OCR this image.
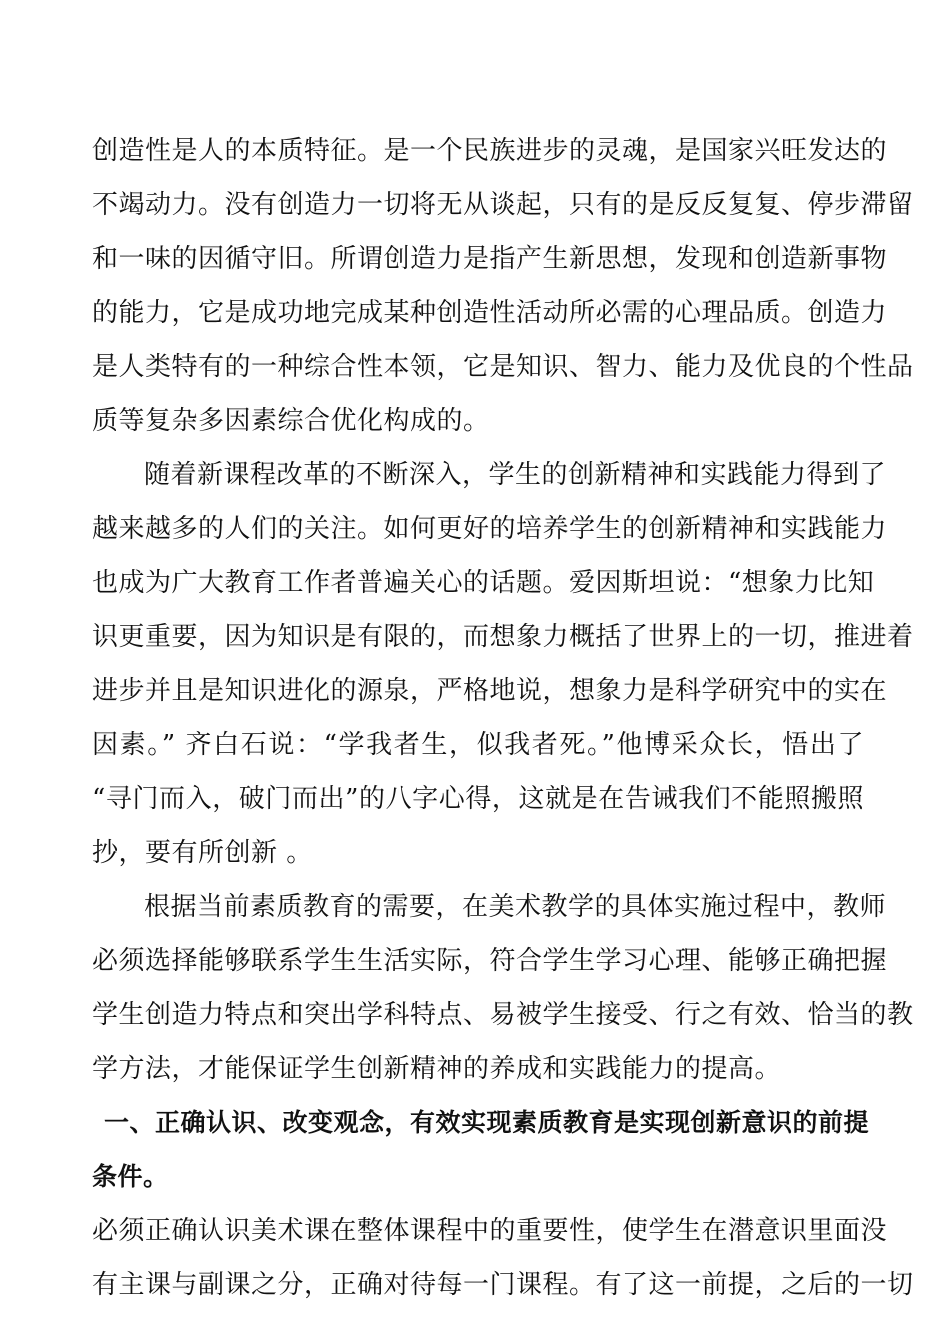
创造性是人的本质特征。是一个民族进步的灵魂，是国家兴旺发达的
不竭动力。没有创造力一切将无从谈起，只有的是反反复复、停步滞留
和一味的因循守旧。所谓创造力是指产生新思想，发现和创造新事物
的能力，它是成功地完成某种创造性活动所必需的心理品质。创造力
是人类特有的一种综合性本领，它是知识、智力、能力及优良的个性品
质等复杂多因素综合优化构成的。
随着新课程改革的不断深入，学生的创新精神和实践能力得到了
越来越多的人们的关注。如何更好的培养学生的创新精神和实践能力
也成为广大教育工作者普遍关心的话题。爱因斯坦说：“想象力比知
识更重要，因为知识是有限的，而想象力概括了世界上的一切，推进着
进步并且是知识进化的源泉，严格地说，想象力是科学研究中的实在
因素。” 齐白石说：“学我者生，似我者死。”他博采众长，悟出了
“寻门而入，破门而出”的八字心得，这就是在告诫我们不能照搬照
抄，要有所创新 。
根据当前素质教育的需要，在美术教学的具体实施过程中，教师
必须选择能够联系学生生活实际，符合学生学习心理、能够正确把握
学生创造力特点和突出学科特点、易被学生接受、行之有效、恰当的教
学方法，才能保证学生创新精神的养成和实践能力的提高。
一、正确认识、改变观念，有效实现素质教育是实现创新意识的前提
条件。
必须正确认识美术课在整体课程中的重要性，使学生在潜意识里面没
有主课与副课之分，正确对待每一门课程。有了这一前提，之后的一切
